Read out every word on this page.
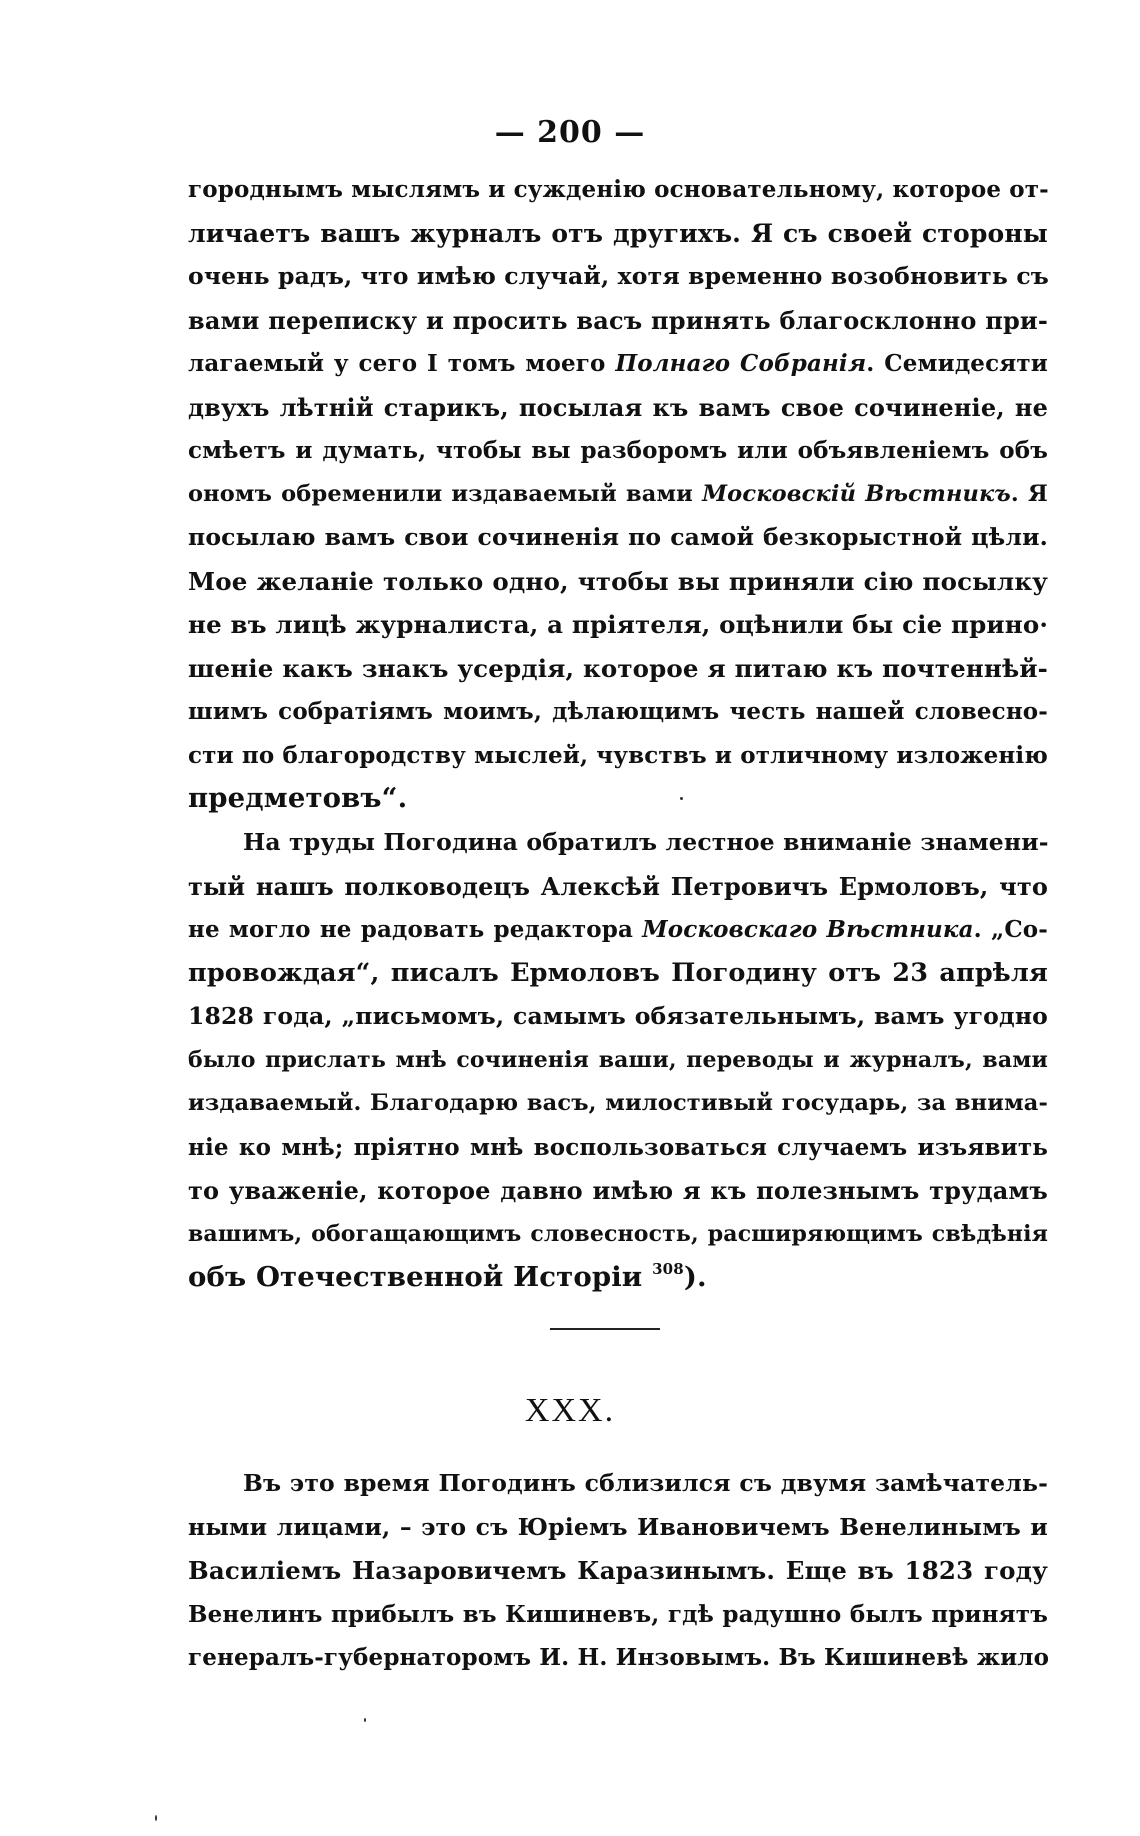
— 200 —
городнымъ мыслямъ и сужденію основательному, которое от-
личаетъ вашъ журналъ отъ другихъ. Я съ своей стороны
очень радъ, что имѣю случай, хотя временно возобновить съ
вами переписку и просить васъ принять благосклонно при-
лагаемый у сего I томъ моего Полнаго Собранія. Семидесяти
двухъ лѣтній старикъ, посылая къ вамъ свое сочиненіе, не
смѣетъ и думать, чтобы вы разборомъ или объявленіемъ объ
ономъ обременили издаваемый вами Московскій Вѣстникъ. Я
посылаю вамъ свои сочиненія по самой безкорыстной цѣли.
Мое желаніе только одно, чтобы вы приняли сію посылку
не въ лицѣ журналиста, а пріятеля, оцѣнили бы сіе прино·
шеніе какъ знакъ усердія, которое я питаю къ почтеннѣй-
шимъ собратіямъ моимъ, дѣлающимъ честь нашей словесно-
сти по благородству мыслей, чувствъ и отличному изложенію
предметовъ“.
На труды Погодина обратилъ лестное вниманіе знамени-
тый нашъ полководецъ Алексѣй Петровичъ Ермоловъ, что
не могло не радовать редактора Московскаго Вѣстника. „Со-
провождая“, писалъ Ермоловъ Погодину отъ 23 апрѣля
1828 года, „письмомъ, самымъ обязательнымъ, вамъ угодно
было прислать мнѣ сочиненія ваши, переводы и журналъ, вами
издаваемый. Благодарю васъ, милостивый государь, за внима-
ніе ко мнѣ; пріятно мнѣ воспользоваться случаемъ изъявить
то уваженіе, которое давно имѣю я къ полезнымъ трудамъ
вашимъ, обогащающимъ словесность, расширяющимъ свѣдѣнія
объ Отечественной Исторіи $^{308}$).
XXX.
Въ это время Погодинъ сблизился съ двумя замѣчатель-
ными лицами, – это съ Юріемъ Ивановичемъ Венелинымъ и
Василіемъ Назаровичемъ Каразинымъ. Еще въ 1823 году
Венелинъ прибылъ въ Кишиневъ, гдѣ радушно былъ принятъ
генералъ-губернаторомъ И. Н. Инзовымъ. Въ Кишиневѣ жило
